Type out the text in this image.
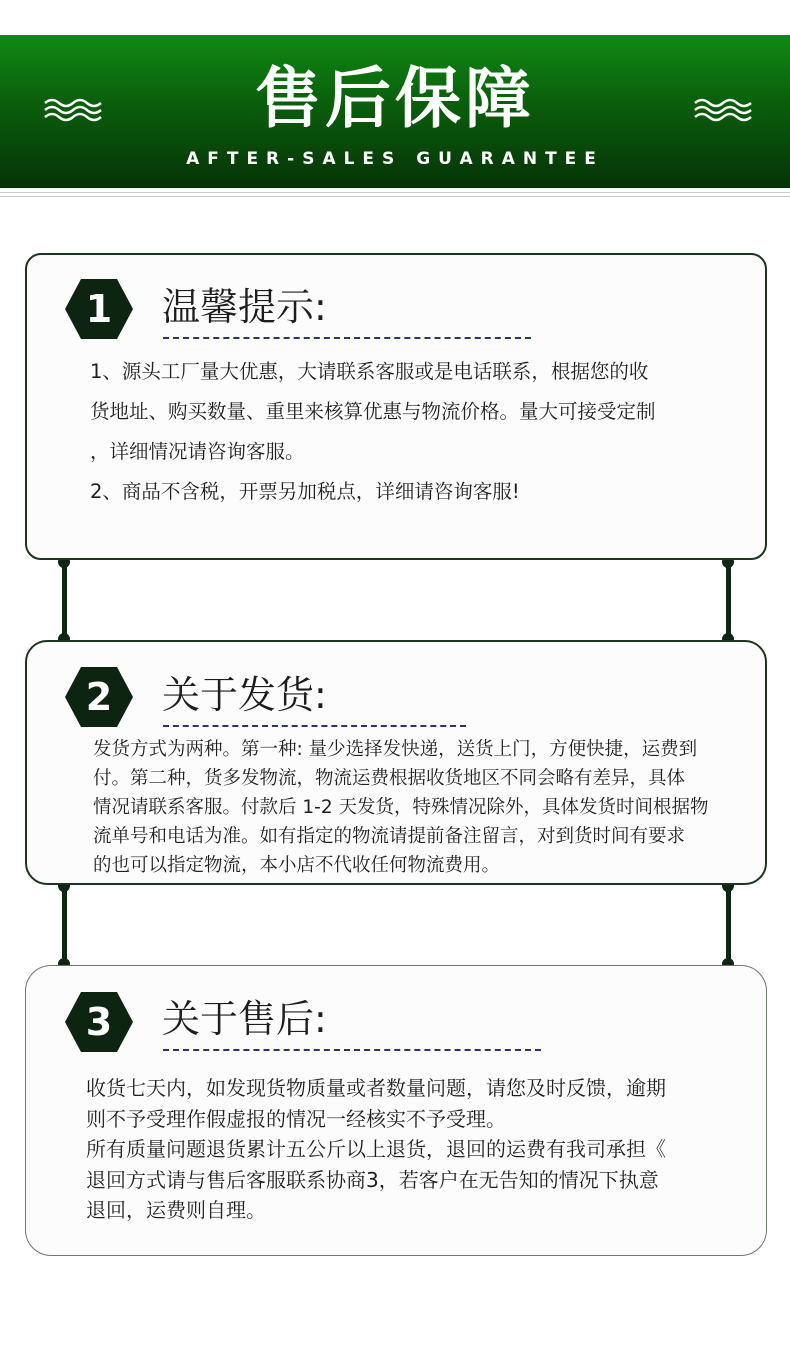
售后保障
AFTER-SALES GUARANTEE
1	温馨提示:
1、源头工厂量大优惠，大请联系客服或是电话联系，根据您的收
货地址、购买数量、重里来核算优惠与物流价格。量大可接受定制
，详细情况请咨询客服。
2、商品不含税，开票另加税点，详细请咨询客服!
2	关于发货:
发货方式为两种。第一种: 量少选择发快递，送货上门，方便快捷，运费到
付。第二种，货多发物流，物流运费根据收货地区不同会略有差异，具体
情况请联系客服。付款后 1-2 天发货，特殊情况除外，具体发货时间根据物
流单号和电话为准。如有指定的物流请提前备注留言，对到货时间有要求
的也可以指定物流，本小店不代收任何物流费用。
3	关于售后:
收货七天内，如发现货物质量或者数量问题，请您及时反馈，逾期
则不予受理作假虚报的情况一经核实不予受理。
所有质量问题退货累计五公斤以上退货，退回的运费有我司承担《
退回方式请与售后客服联系协商3，若客户在无告知的情况下执意
退回，运费则自理。
